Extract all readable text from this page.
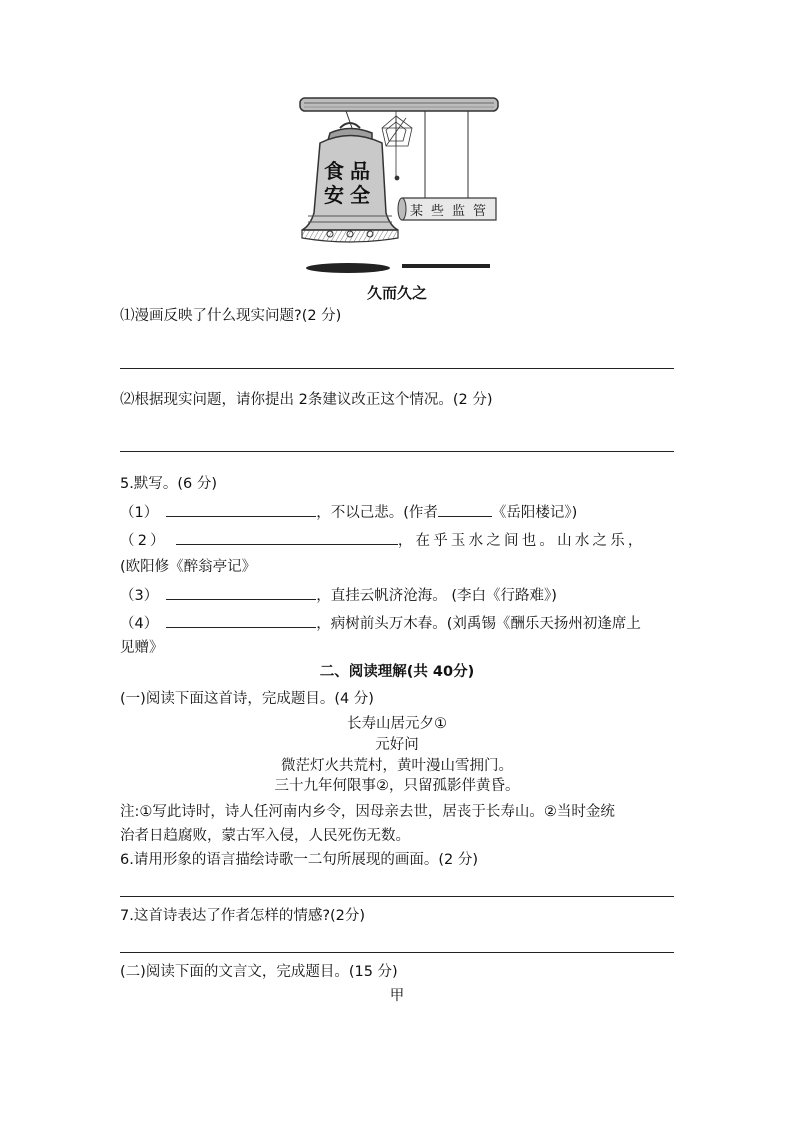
食 品
安 全
某 些 监 管
久而久之
⑴漫画反映了什么现实问题?(2 分)
⑵根据现实问题，请你提出 2条建议改正这个情况。(2 分)
5.默写。(6 分)
（1）	，不以己悲。(作者	《岳阳楼记》)
（2）	，在乎玉水之间也。山水之乐，
(欧阳修《醉翁亭记》
（3）	，直挂云帆济沧海。 (李白《行路难》)
（4）	，病树前头万木春。(刘禹锡《酬乐天扬州初逢席上
见赠》
二、阅读理解(共 40分)
(一)阅读下面这首诗，完成题目。(4 分)
长寿山居元夕①
元好问
微茫灯火共荒村，黄叶漫山雪拥门。
三十九年何限事②，只留孤影伴黄昏。
注:①写此诗时，诗人任河南内乡令，因母亲去世，居丧于长寿山。②当时金统
治者日趋腐败，蒙古军入侵，人民死伤无数。
6.请用形象的语言描绘诗歌一二句所展现的画面。(2 分)
7.这首诗表达了作者怎样的情感?(2分)
(二)阅读下面的文言文，完成题目。(15 分)
甲
